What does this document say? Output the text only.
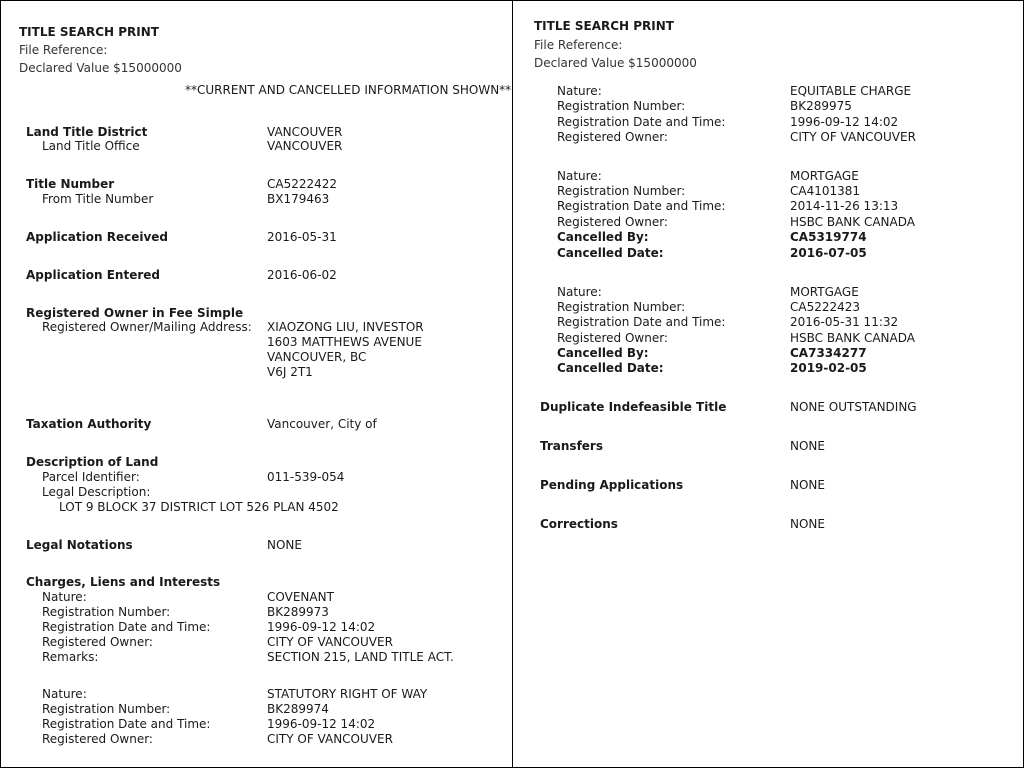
TITLE SEARCH PRINT
File Reference:
Declared Value $15000000
**CURRENT AND CANCELLED INFORMATION SHOWN**
Land Title District	VANCOUVER
Land Title Office	VANCOUVER
Title Number	CA5222422
From Title Number	BX179463
Application Received	2016-05-31
Application Entered	2016-06-02
Registered Owner in Fee Simple
Registered Owner/Mailing Address: XIAOZONG LIU, INVESTOR
1603 MATTHEWS AVENUE
VANCOUVER, BC
V6J 2T1
Taxation Authority	Vancouver, City of
Description of Land
Parcel Identifier:	011-539-054
Legal Description:
LOT 9 BLOCK 37 DISTRICT LOT 526 PLAN 4502
Legal Notations	NONE
Charges, Liens and Interests
Nature:	COVENANT
Registration Number:	BK289973
Registration Date and Time:	1996-09-12 14:02
Registered Owner:	CITY OF VANCOUVER
Remarks:	SECTION 215, LAND TITLE ACT.
Nature:	STATUTORY RIGHT OF WAY
Registration Number:	BK289974
Registration Date and Time:	1996-09-12 14:02
Registered Owner:	CITY OF VANCOUVER
TITLE SEARCH PRINT
File Reference:
Declared Value $15000000
Nature:	EQUITABLE CHARGE
Registration Number:	BK289975
Registration Date and Time:	1996-09-12 14:02
Registered Owner:	CITY OF VANCOUVER
Nature:	MORTGAGE
Registration Number:	CA4101381
Registration Date and Time:	2014-11-26 13:13
Registered Owner:	HSBC BANK CANADA
Cancelled By:	CA5319774
Cancelled Date:	2016-07-05
Nature:	MORTGAGE
Registration Number:	CA5222423
Registration Date and Time:	2016-05-31 11:32
Registered Owner:	HSBC BANK CANADA
Cancelled By:	CA7334277
Cancelled Date:	2019-02-05
Duplicate Indefeasible Title	NONE OUTSTANDING
Transfers	NONE
Pending Applications	NONE
Corrections	NONE
